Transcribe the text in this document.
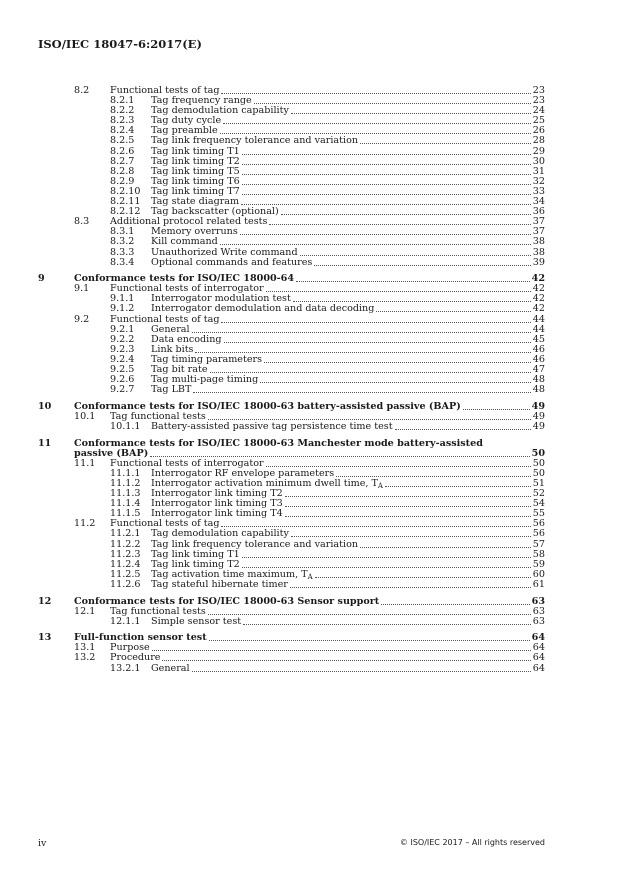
ISO/IEC 18047-6:2017(E)
8.2 Functional tests of tag	23
8.2.1 Tag frequency range	23
8.2.2 Tag demodulation capability	24
8.2.3 Tag duty cycle	25
8.2.4 Tag preamble	26
8.2.5 Tag link frequency tolerance and variation	28
8.2.6 Tag link timing T1	29
8.2.7 Tag link timing T2	30
8.2.8 Tag link timing T5	31
8.2.9 Tag link timing T6	32
8.2.10 Tag link timing T7	33
8.2.11 Tag state diagram	34
8.2.12 Tag backscatter (optional)	36
8.3 Additional protocol related tests	37
8.3.1 Memory overruns	37
8.3.2 Kill command	38
8.3.3 Unauthorized Write command	38
8.3.4 Optional commands and features	39
9	Conformance tests for ISO/IEC 18000-64	42
9.1 Functional tests of interrogator	42
9.1.1 Interrogator modulation test	42
9.1.2 Interrogator demodulation and data decoding	42
9.2 Functional tests of tag	44
9.2.1 General	44
9.2.2 Data encoding	45
9.2.3 Link bits	46
9.2.4 Tag timing parameters	46
9.2.5 Tag bit rate	47
9.2.6 Tag multi-page timing	48
9.2.7 Tag LBT	48
10 Conformance tests for ISO/IEC 18000-63 battery-assisted passive (BAP)	49
10.1 Tag functional tests	49
10.1.1 Battery-assisted passive tag persistence time test	49
11 Conformance tests for ISO/IEC 18000-63 Manchester mode battery-assisted
passive (BAP)	50
11.1 Functional tests of interrogator	50
11.1.1 Interrogator RF envelope parameters	50
11.1.2 Interrogator activation minimum dwell time, $T_A$	51
11.1.3 Interrogator link timing T2	52
11.1.4 Interrogator link timing T3	54
11.1.5 Interrogator link timing T4	55
11.2 Functional tests of tag	56
11.2.1 Tag demodulation capability	56
11.2.2 Tag link frequency tolerance and variation	57
11.2.3 Tag link timing T1	58
11.2.4 Tag link timing T2	59
11.2.5 Tag activation time maximum, $T_A$	60
11.2.6 Tag stateful hibernate timer	61
12 Conformance tests for ISO/IEC 18000-63 Sensor support	63
12.1 Tag functional tests	63
12.1.1 Simple sensor test	63
13 Full-function sensor test	64
13.1 Purpose	64
13.2 Procedure	64
13.2.1 General	64
iv	© ISO/IEC 2017 – All rights reserved
